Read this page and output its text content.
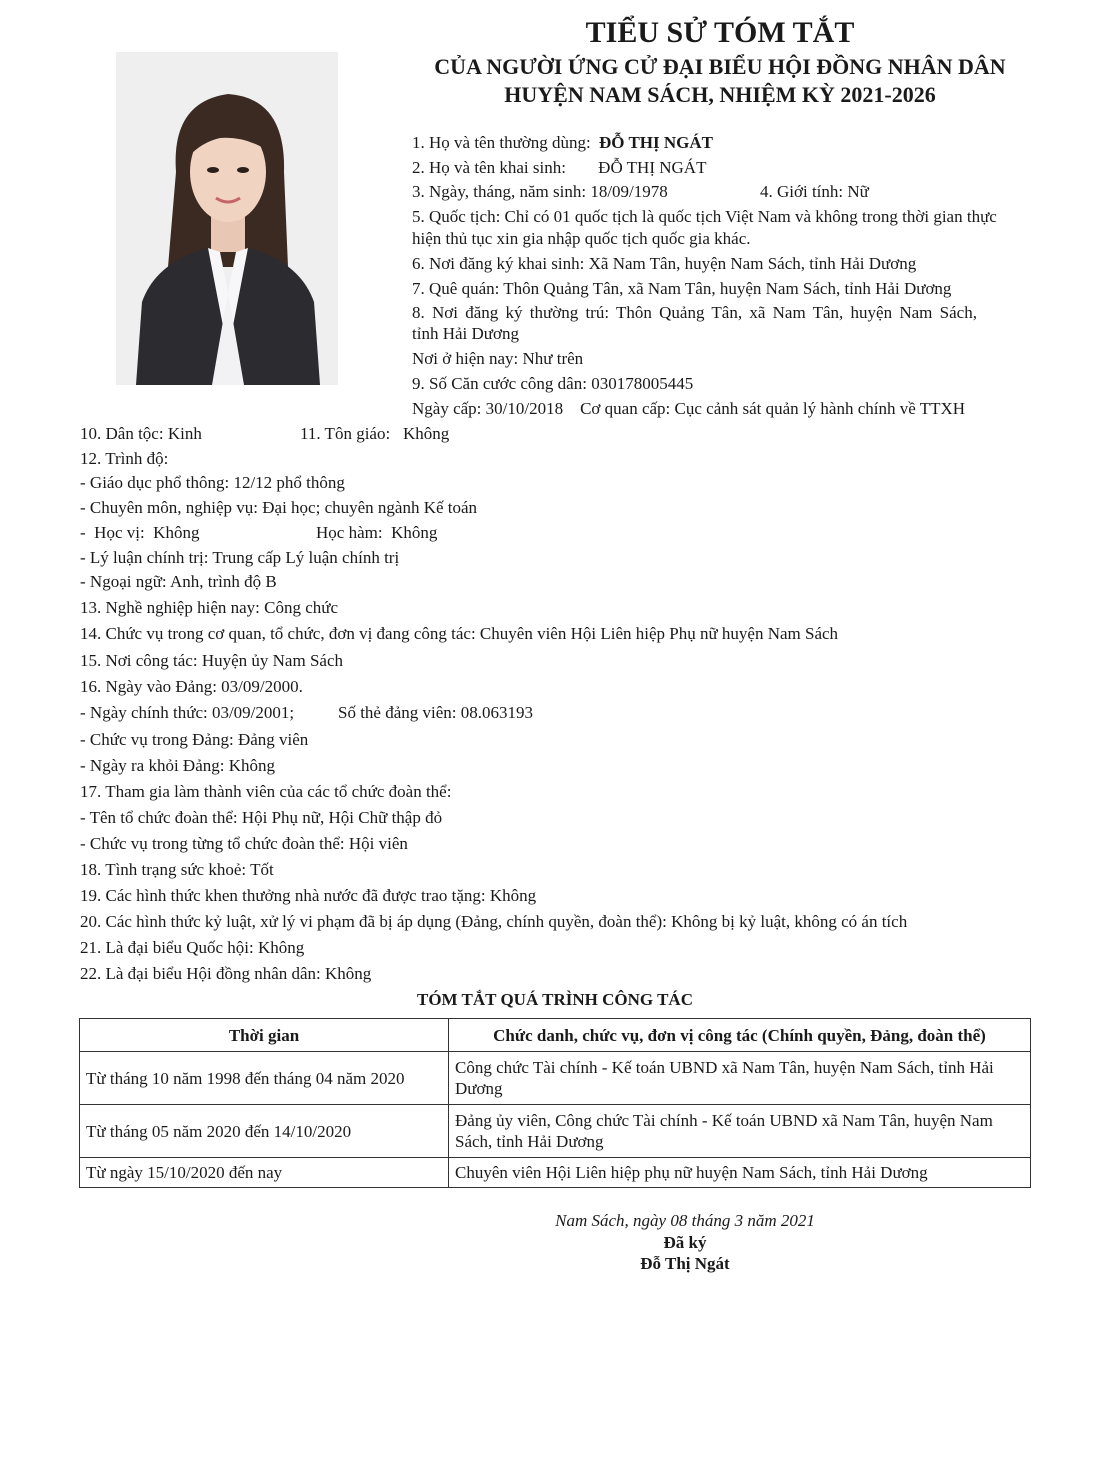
TIỂU SỬ TÓM TẮT
CỦA NGƯỜI ỨNG CỬ ĐẠI BIỂU HỘI ĐỒNG NHÂN DÂN
HUYỆN NAM SÁCH, NHIỆM KỲ 2021-2026
1. Họ và tên thường dùng: ĐỖ THỊ NGÁT
2. Họ và tên khai sinh: ĐỖ THỊ NGÁT
3. Ngày, tháng, năm sinh: 18/09/1978	4. Giới tính: Nữ
5. Quốc tịch: Chỉ có 01 quốc tịch là quốc tịch Việt Nam và không trong thời gian thực
hiện thủ tục xin gia nhập quốc tịch quốc gia khác.
6. Nơi đăng ký khai sinh: Xã Nam Tân, huyện Nam Sách, tỉnh Hải Dương
7. Quê quán: Thôn Quảng Tân, xã Nam Tân, huyện Nam Sách, tỉnh Hải Dương
8. Nơi đăng ký thường trú: Thôn Quảng Tân, xã Nam Tân, huyện Nam Sách,
tỉnh Hải Dương
Nơi ở hiện nay: Như trên
9. Số Căn cước công dân: 030178005445
Ngày cấp: 30/10/2018    Cơ quan cấp: Cục cảnh sát quản lý hành chính về TTXH
10. Dân tộc: Kinh	11. Tôn giáo:   Không
12. Trình độ:
- Giáo dục phổ thông: 12/12 phổ thông
- Chuyên môn, nghiệp vụ: Đại học; chuyên ngành Kế toán
-  Học vị:  Không	Học hàm:  Không
- Lý luận chính trị: Trung cấp Lý luận chính trị
- Ngoại ngữ: Anh, trình độ B
13. Nghề nghiệp hiện nay: Công chức
14. Chức vụ trong cơ quan, tổ chức, đơn vị đang công tác: Chuyên viên Hội Liên hiệp Phụ nữ huyện Nam Sách
15. Nơi công tác: Huyện ủy Nam Sách
16. Ngày vào Đảng: 03/09/2000.
- Ngày chính thức: 03/09/2001;	Số thẻ đảng viên: 08.063193
- Chức vụ trong Đảng: Đảng viên
- Ngày ra khỏi Đảng: Không
17. Tham gia làm thành viên của các tổ chức đoàn thể:
- Tên tổ chức đoàn thể: Hội Phụ nữ, Hội Chữ thập đỏ
- Chức vụ trong từng tổ chức đoàn thể: Hội viên
18. Tình trạng sức khoẻ: Tốt
19. Các hình thức khen thưởng nhà nước đã được trao tặng: Không
20. Các hình thức kỷ luật, xử lý vi phạm đã bị áp dụng (Đảng, chính quyền, đoàn thể): Không bị kỷ luật, không có án tích
21. Là đại biểu Quốc hội: Không
22. Là đại biểu Hội đồng nhân dân: Không
TÓM TẮT QUÁ TRÌNH CÔNG TÁC
Thời gian	Chức danh, chức vụ, đơn vị công tác (Chính quyền, Đảng, đoàn thể)
Từ tháng 10 năm 1998 đến tháng 04 năm 2020	Công chức Tài chính - Kế toán UBND xã Nam Tân, huyện Nam Sách, tỉnh Hải Dương
Từ tháng 05 năm 2020 đến 14/10/2020	Đảng ủy viên, Công chức Tài chính - Kế toán UBND xã Nam Tân, huyện Nam Sách, tỉnh Hải Dương
Từ ngày 15/10/2020 đến nay	Chuyên viên Hội Liên hiệp phụ nữ huyện Nam Sách, tỉnh Hải Dương
Nam Sách, ngày 08 tháng 3 năm 2021
Đã ký
Đỗ Thị Ngát
